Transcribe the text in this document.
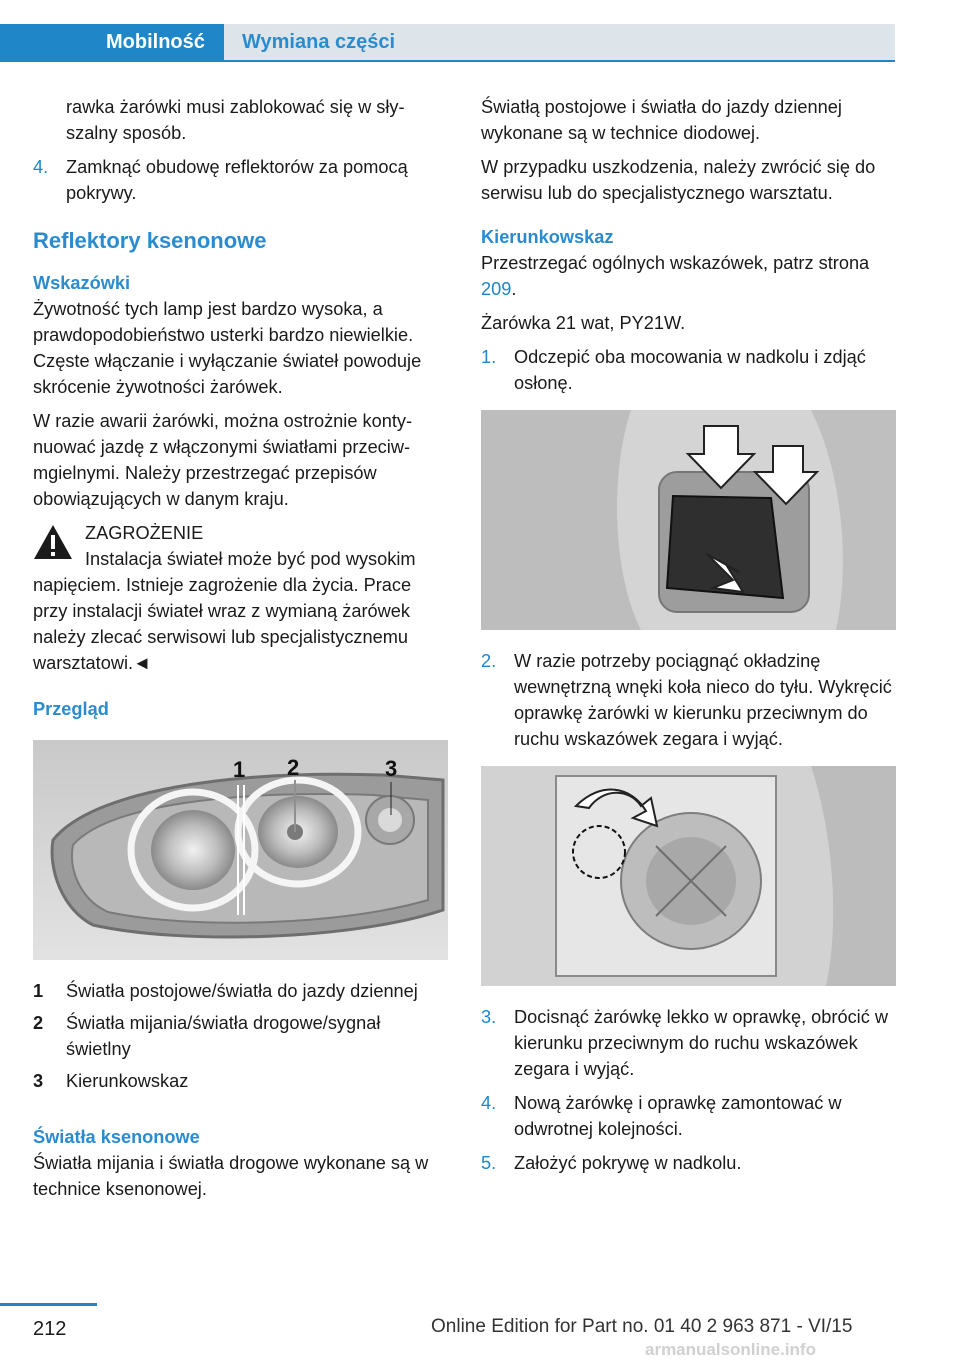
Mobilność	Wymiana części
rawka żarówki musi zablokować się w słyszalny sposób.
4. Zamknąć obudowę reflektorów za pomocą pokrywy.
Reflektory ksenonowe
Wskazówki
Żywotność tych lamp jest bardzo wysoka, a prawdopodobieństwo usterki bardzo niewielkie. Częste włączanie i wyłączanie świateł powoduje skrócenie żywotności żarówek.
W razie awarii żarówki, można ostrożnie kontynuować jazdę z włączonymi światłami przeciwmgielnymi. Należy przestrzegać przepisów obowiązujących w danym kraju.
ZAGROŻENIE
Instalacja świateł może być pod wysokim
napięciem. Istnieje zagrożenie dla życia. Prace przy instalacji świateł wraz z wymianą żarówek należy zlecać serwisowi lub specjalistycznemu warsztatowi.◄
Przegląd
1 2	3
1 Światła postojowe/światła do jazdy dziennej
2 Światła mijania/światła drogowe/sygnał świetlny
3 Kierunkowskaz
Światła ksenonowe
Światła mijania i światła drogowe wykonane są w technice ksenonowej.
Światłą postojowe i światła do jazdy dziennej wykonane są w technice diodowej.
W przypadku uszkodzenia, należy zwrócić się do serwisu lub do specjalistycznego warsztatu.
Kierunkowskaz
Przestrzegać ogólnych wskazówek, patrz strona 209.
Żarówka 21 wat, PY21W.
1. Odczepić oba mocowania w nadkolu i zdjąć osłonę.
2. W razie potrzeby pociągnąć okładzinę wewnętrzną wnęki koła nieco do tyłu. Wykręcić oprawkę żarówki w kierunku przeciwnym do ruchu wskazówek zegara i wyjąć.
3. Docisnąć żarówkę lekko w oprawkę, obrócić w kierunku przeciwnym do ruchu wskazówek zegara i wyjąć.
4. Nową żarówkę i oprawkę zamontować w odwrotnej kolejności.
5. Założyć pokrywę w nadkolu.
212	Online Edition for Part no. 01 40 2 963 871 - VI/15
armanualsonline.info
